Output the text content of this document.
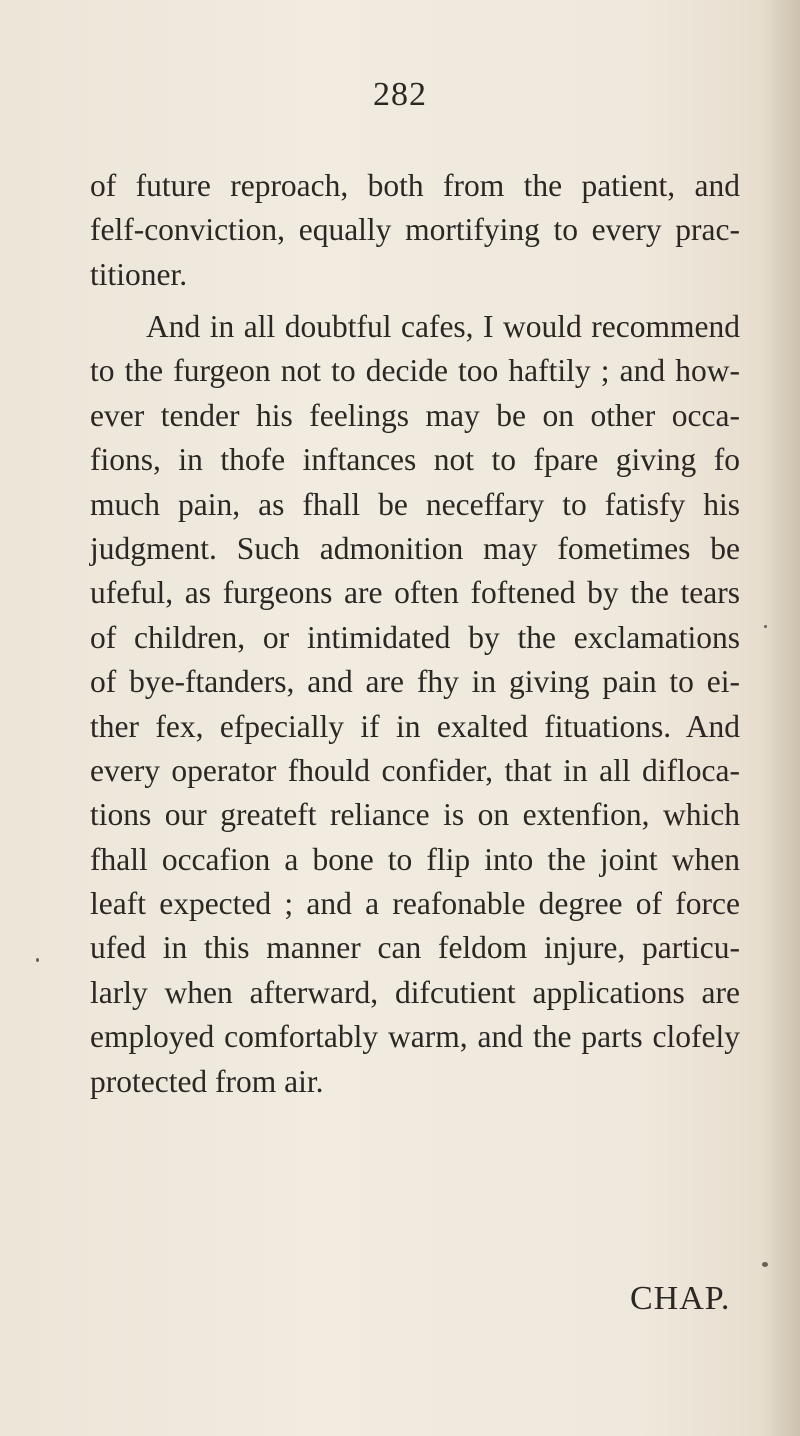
282
of future reproach, both from the patient, and
felf-conviction, equally mortifying to every prac-
titioner.
And in all doubtful cafes, I would recommend
to the furgeon not to decide too haftily ; and how-
ever tender his feelings may be on other occa-
fions, in thofe inftances not to fpare giving fo
much pain, as fhall be neceffary to fatisfy his
judgment. Such admonition may fometimes be
ufeful, as furgeons are often foftened by the tears
of children, or intimidated by the exclamations
of bye-ftanders, and are fhy in giving pain to ei-
ther fex, efpecially if in exalted fituations. And
every operator fhould confider, that in all difloca-
tions our greateft reliance is on extenfion, which
fhall occafion a bone to flip into the joint when
leaft expected ; and a reafonable degree of force
ufed in this manner can feldom injure, particu-
larly when afterward, difcutient applications are
employed comfortably warm, and the parts clofely
protected from air.
CHAP.
